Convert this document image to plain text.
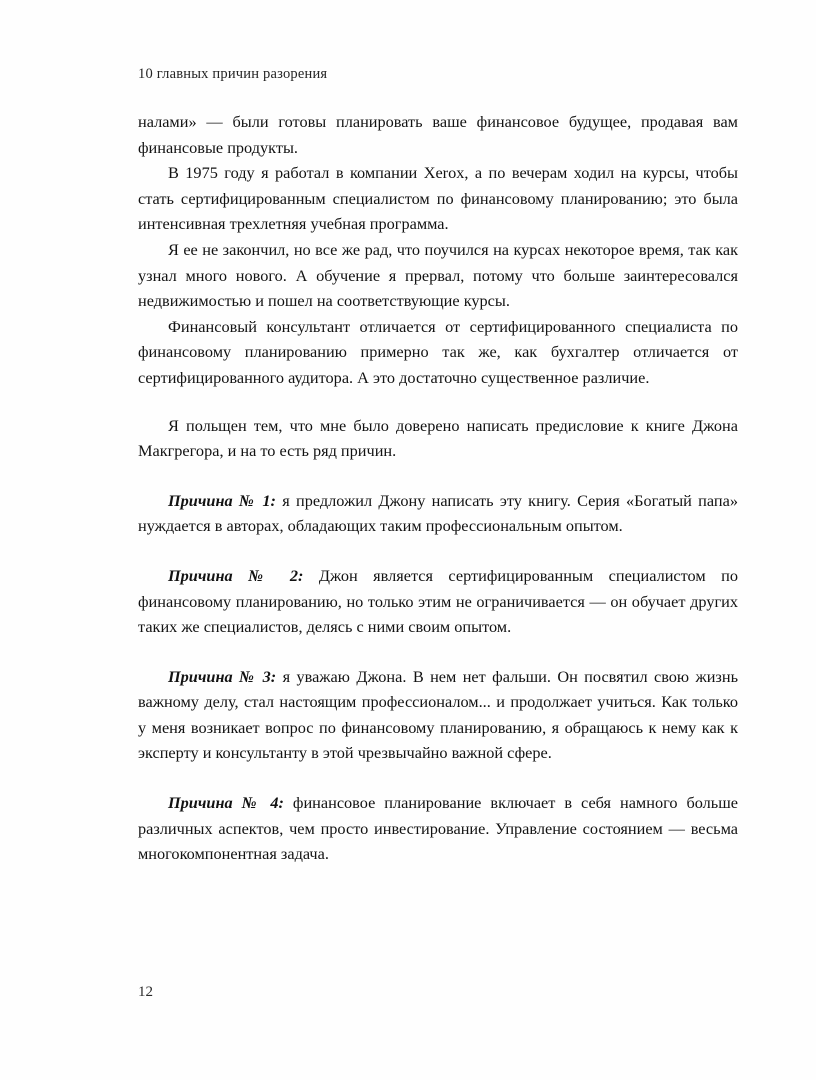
10 главных причин разорения

налами» — были готовы планировать ваше финансовое будущее, продавая вам финансовые продукты.

В 1975 году я работал в компании Xerox, а по вечерам ходил на курсы, чтобы стать сертифицированным специалистом по финансовому планированию; это была интенсивная трехлетняя учебная программа.

Я ее не закончил, но все же рад, что поучился на курсах некоторое время, так как узнал много нового. А обучение я прервал, потому что больше заинтересовался недвижимостью и пошел на соответствующие курсы.

Финансовый консультант отличается от сертифицированного специалиста по финансовому планированию примерно так же, как бухгалтер отличается от сертифицированного аудитора. А это достаточно существенное различие.

Я польщен тем, что мне было доверено написать предисловие к книге Джона Макгрегора, и на то есть ряд причин.

Причина № 1: я предложил Джону написать эту книгу. Серия «Богатый папа» нуждается в авторах, обладающих таким профессиональным опытом.

Причина № 2: Джон является сертифицированным специалистом по финансовому планированию, но только этим не ограничивается — он обучает других таких же специалистов, делясь с ними своим опытом.

Причина № 3: я уважаю Джона. В нем нет фальши. Он посвятил свою жизнь важному делу, стал настоящим профессионалом... и продолжает учиться. Как только у меня возникает вопрос по финансовому планированию, я обращаюсь к нему как к эксперту и консультанту в этой чрезвычайно важной сфере.

Причина № 4: финансовое планирование включает в себя намного больше различных аспектов, чем просто инвестирование. Управление состоянием — весьма многокомпонентная задача.

12
